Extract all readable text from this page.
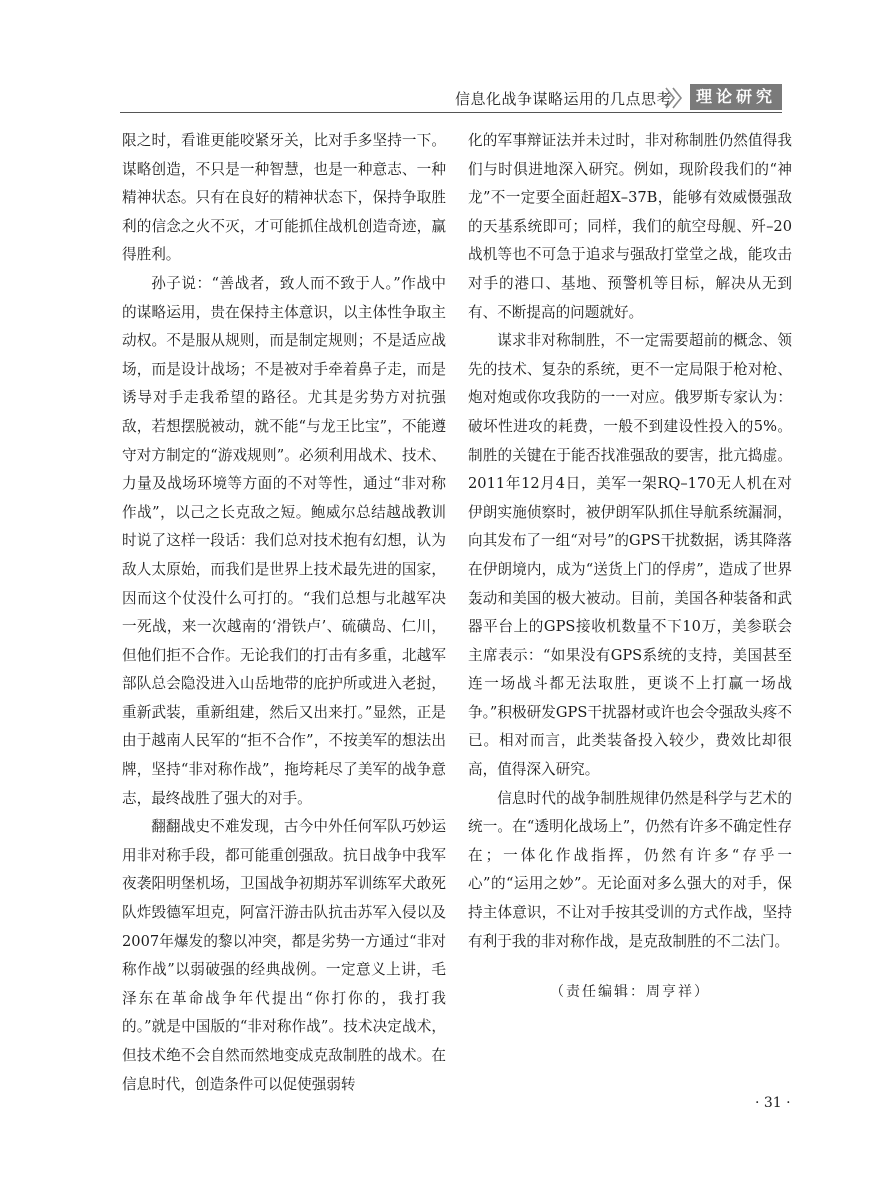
信息化战争谋略运用的几点思考	理论研究

限之时，看谁更能咬紧牙关，比对手多坚持一下。谋略创造，不只是一种智慧，也是一种意志、一种精神状态。只有在良好的精神状态下，保持争取胜利的信念之火不灭，才可能抓住战机创造奇迹，赢得胜利。

孙子说：“善战者，致人而不致于人。”作战中的谋略运用，贵在保持主体意识，以主体性争取主动权。不是服从规则，而是制定规则；不是适应战场，而是设计战场；不是被对手牵着鼻子走，而是诱导对手走我希望的路径。尤其是劣势方对抗强敌，若想摆脱被动，就不能“与龙王比宝”，不能遵守对方制定的“游戏规则”。必须利用战术、技术、力量及战场环境等方面的不对等性，通过“非对称作战”，以己之长克敌之短。鲍威尔总结越战教训时说了这样一段话：我们总对技术抱有幻想，认为敌人太原始，而我们是世界上技术最先进的国家，因而这个仗没什么可打的。“我们总想与北越军决一死战，来一次越南的‘滑铁卢’、硫磺岛、仁川，但他们拒不合作。无论我们的打击有多重，北越军部队总会隐没进入山岳地带的庇护所或进入老挝，重新武装，重新组建，然后又出来打。”显然，正是由于越南人民军的“拒不合作”，不按美军的想法出牌，坚持“非对称作战”，拖垮耗尽了美军的战争意志，最终战胜了强大的对手。

翻翻战史不难发现，古今中外任何军队巧妙运用非对称手段，都可能重创强敌。抗日战争中我军夜袭阳明堡机场，卫国战争初期苏军训练军犬敢死队炸毁德军坦克，阿富汗游击队抗击苏军入侵以及2007年爆发的黎以冲突，都是劣势一方通过“非对称作战”以弱破强的经典战例。一定意义上讲，毛泽东在革命战争年代提出“你打你的，我打我的。”就是中国版的“非对称作战”。技术决定战术，但技术绝不会自然而然地变成克敌制胜的战术。在信息时代，创造条件可以促使强弱转

化的军事辩证法并未过时，非对称制胜仍然值得我们与时俱进地深入研究。例如，现阶段我们的“神龙”不一定要全面赶超X–37B，能够有效威慑强敌的天基系统即可；同样，我们的航空母舰、歼–20战机等也不可急于追求与强敌打堂堂之战，能攻击对手的港口、基地、预警机等目标，解决从无到有、不断提高的问题就好。

谋求非对称制胜，不一定需要超前的概念、领先的技术、复杂的系统，更不一定局限于枪对枪、炮对炮或你攻我防的一一对应。俄罗斯专家认为：破坏性进攻的耗费，一般不到建设性投入的5%。制胜的关键在于能否找准强敌的要害，批亢捣虚。2011年12月4日，美军一架RQ–170无人机在对伊朗实施侦察时，被伊朗军队抓住导航系统漏洞，向其发布了一组“对号”的GPS干扰数据，诱其降落在伊朗境内，成为“送货上门的俘虏”，造成了世界轰动和美国的极大被动。目前，美国各种装备和武器平台上的GPS接收机数量不下10万，美参联会主席表示：“如果没有GPS系统的支持，美国甚至连一场战斗都无法取胜，更谈不上打赢一场战争。”积极研发GPS干扰器材或许也会令强敌头疼不已。相对而言，此类装备投入较少，费效比却很高，值得深入研究。

信息时代的战争制胜规律仍然是科学与艺术的统一。在“透明化战场上”，仍然有许多不确定性存在；一体化作战指挥，仍然有许多“存乎一心”的“运用之妙”。无论面对多么强大的对手，保持主体意识，不让对手按其受训的方式作战，坚持有利于我的非对称作战，是克敌制胜的不二法门。

（责任编辑：周亨祥）
· 31 ·
